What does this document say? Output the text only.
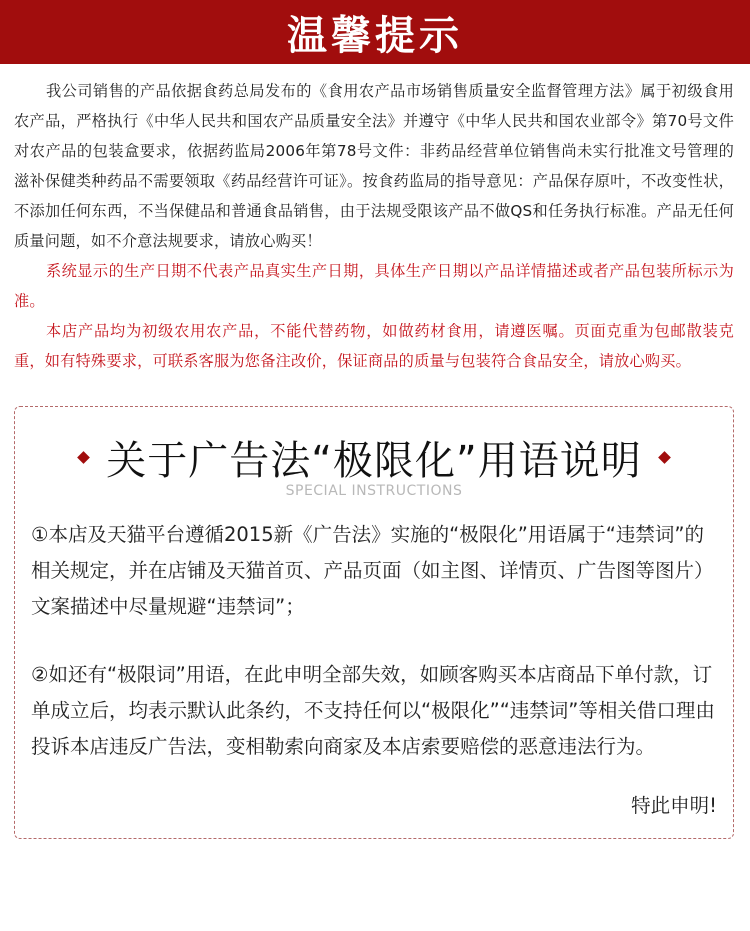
温馨提示

我公司销售的产品依据食药总局发布的《食用农产品市场销售质量安全监督管理方法》属于初级食用农产品，严格执行《中华人民共和国农产品质量安全法》并遵守《中华人民共和国农业部令》第70号文件对农产品的包装盒要求，依据药监局2006年第78号文件：非药品经营单位销售尚未实行批准文号管理的滋补保健类种药品不需要领取《药品经营许可证》。按食药监局的指导意见：产品保存原叶，不改变性状，不添加任何东西，不当保健品和普通食品销售，由于法规受限该产品不做QS和任务执行标准。产品无任何质量问题，如不介意法规要求，请放心购买！

系统显示的生产日期不代表产品真实生产日期，具体生产日期以产品详情描述或者产品包装所标示为准。

本店产品均为初级农用农产品，不能代替药物，如做药材食用，请遵医嘱。页面克重为包邮散装克重，如有特殊要求，可联系客服为您备注改价，保证商品的质量与包装符合食品安全，请放心购买。

关于广告法“极限化”用语说明
SPECIAL INSTRUCTIONS

①本店及天猫平台遵循2015新《广告法》实施的“极限化”用语属于“违禁词”的相关规定，并在店铺及天猫首页、产品页面（如主图、详情页、广告图等图片）文案描述中尽量规避“违禁词”；

②如还有“极限词”用语，在此申明全部失效，如顾客购买本店商品下单付款，订单成立后，均表示默认此条约，不支持任何以“极限化”“违禁词”等相关借口理由投诉本店违反广告法，变相勒索向商家及本店索要赔偿的恶意违法行为。

特此申明!
